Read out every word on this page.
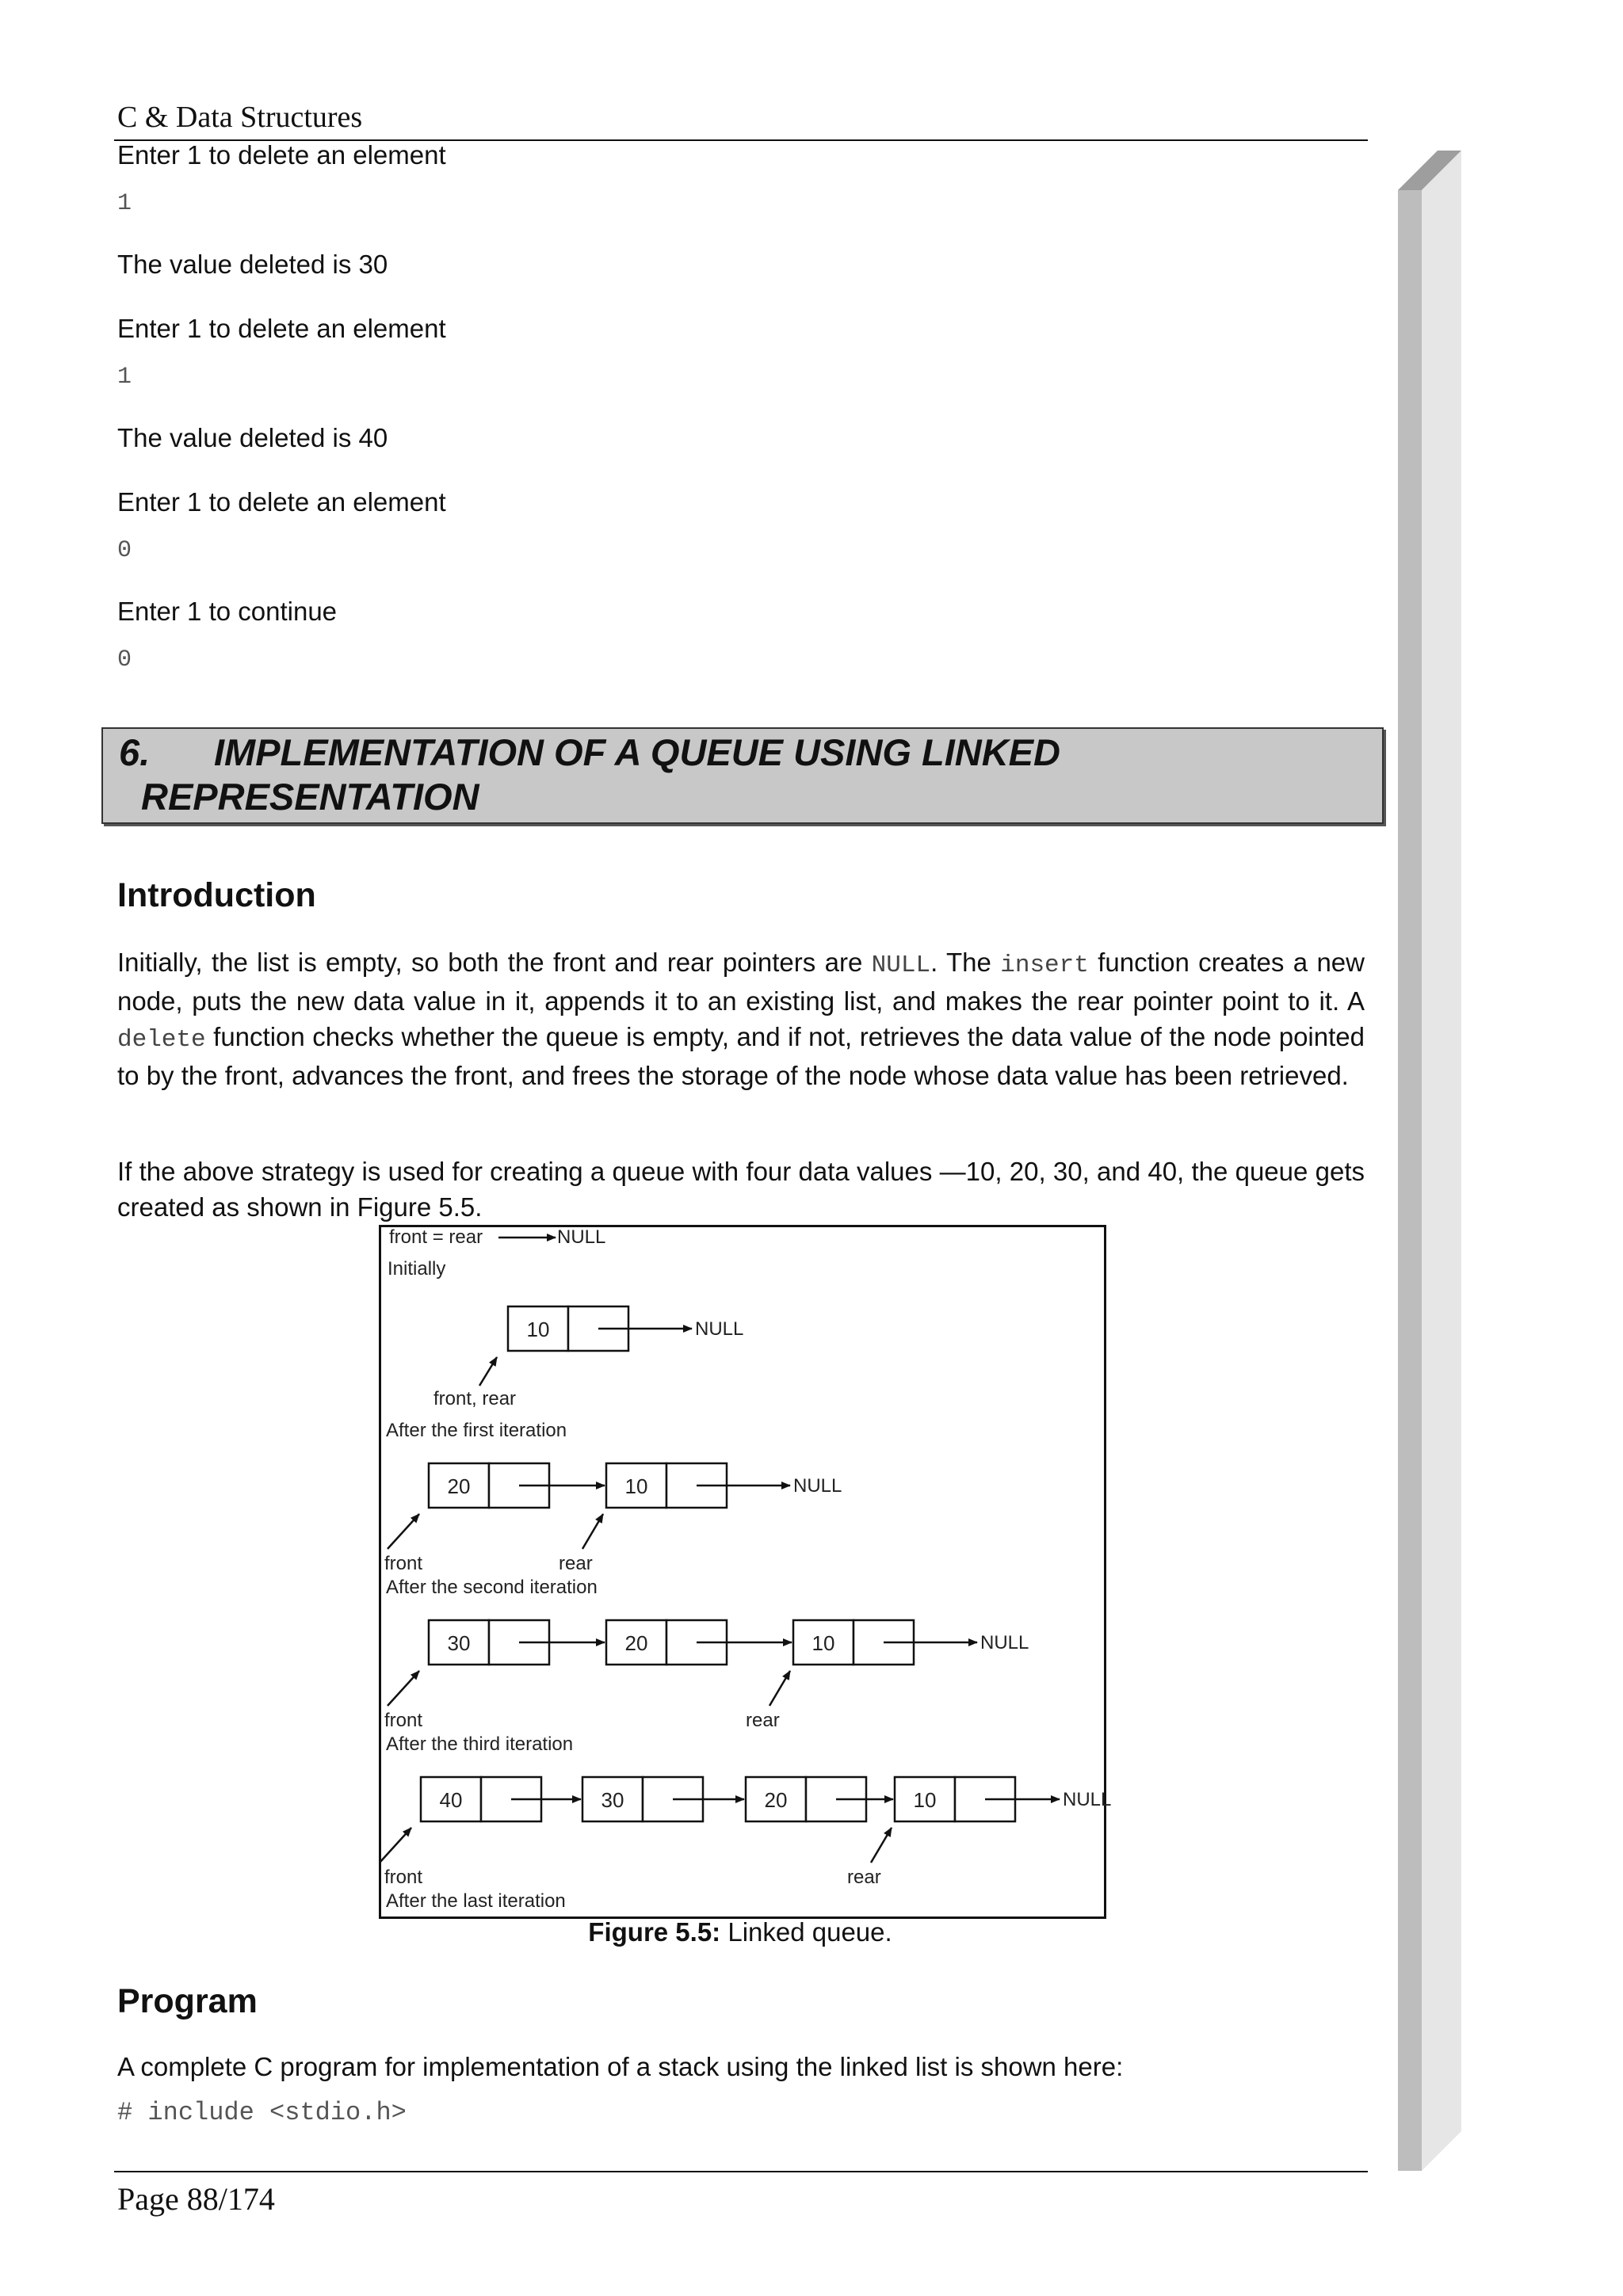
C & Data Structures
Enter 1 to delete an element
1
The value deleted is 30
Enter 1 to delete an element
1
The value deleted is 40
Enter 1 to delete an element
0
Enter 1 to continue
0
6. IMPLEMENTATION OF A QUEUE USING LINKED
REPRESENTATION
Introduction
Initially, the list is empty, so both the front and rear pointers are NULL. The insert function creates a new node, puts the new data value in it, appends it to an existing list, and makes the rear pointer point to it. A delete function checks whether the queue is empty, and if not, retrieves the data value of the node pointed to by the front, advances the front, and frees the storage of the node whose data value has been retrieved.
If the above strategy is used for creating a queue with four data values —10, 20, 30, and 40, the queue gets created as shown in Figure 5.5.
front = rear	NULL
Initially
10	NULL
front, rear
After the first iteration
20	10	NULL
front	rear
After the second iteration
30	20	10	NULL
front	rear
After the third iteration
40	30	20	10	NULL
front	rear
After the last iteration
Figure 5.5: Linked queue.
Program
A complete C program for implementation of a stack using the linked list is shown here:
# include <stdio.h>
Page 88/174
